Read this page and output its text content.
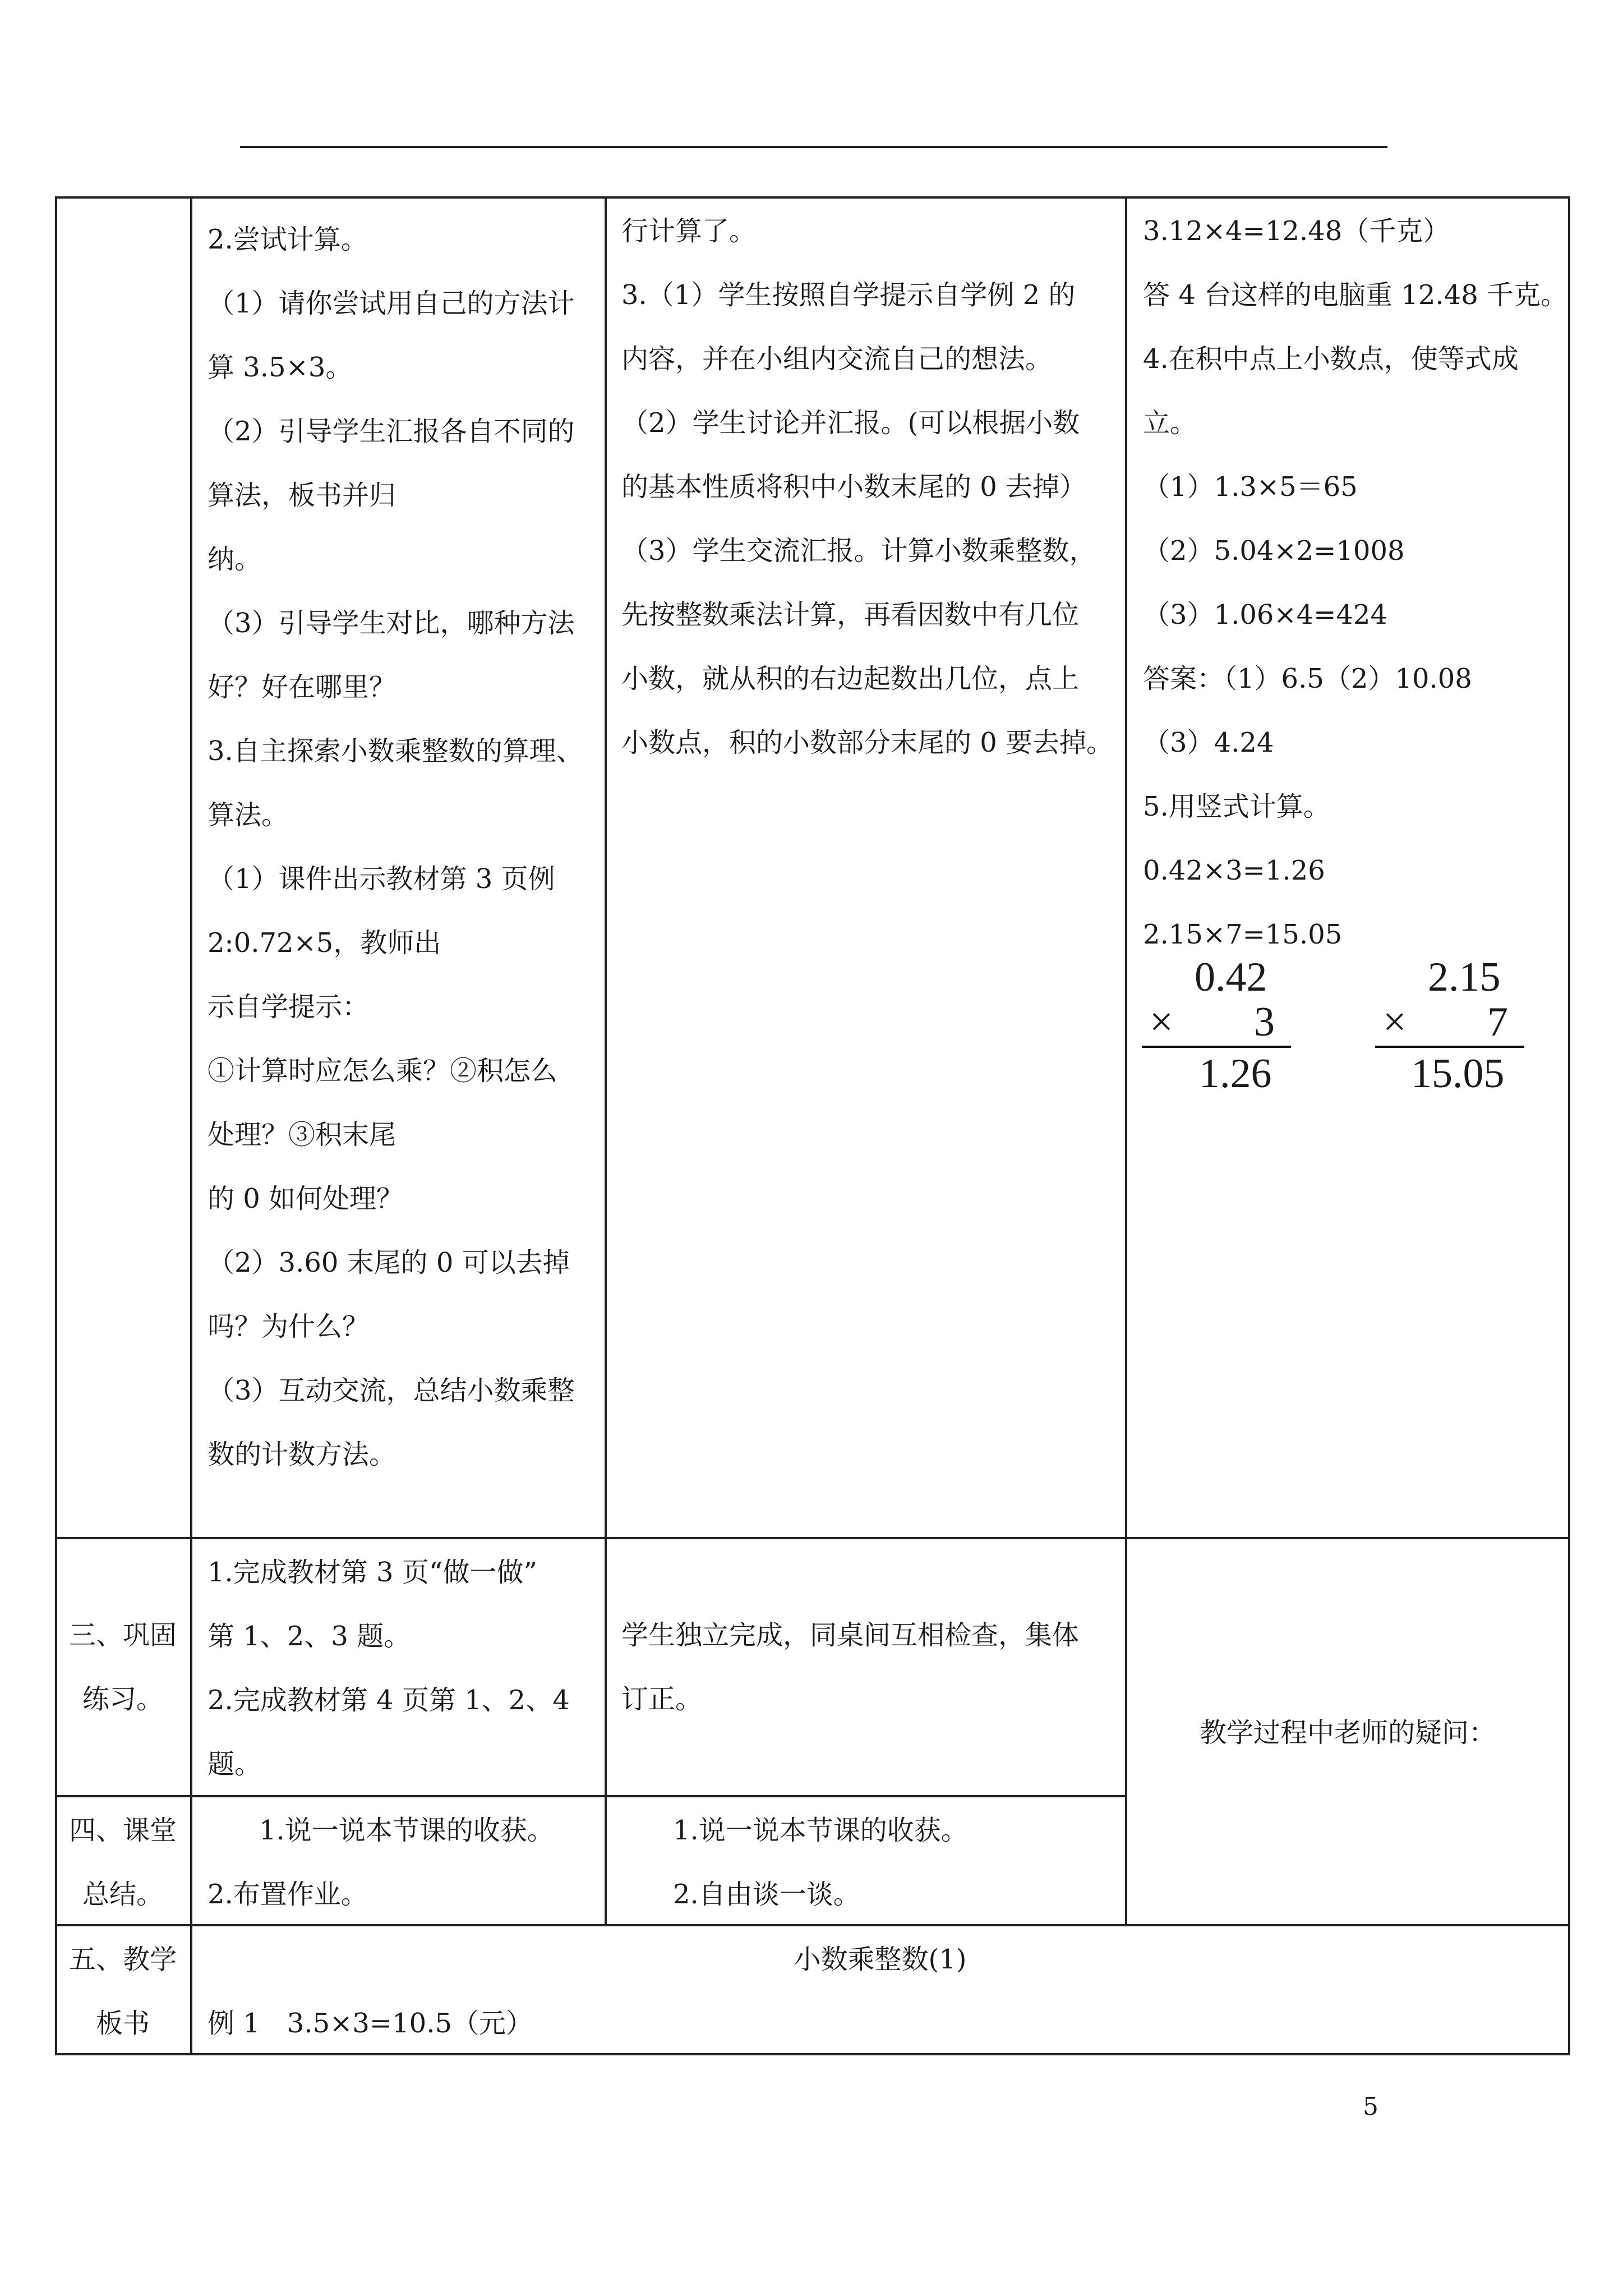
2.尝试计算。

（1）请你尝试用自己的方法计

算 3.5×3。

（2）引导学生汇报各自不同的

算法，板书并归

纳。

（3）引导学生对比，哪种方法

好？好在哪里？

3.自主探索小数乘整数的算理、

算法。

（1）课件出示教材第 3 页例

2:0.72×5，教师出

示自学提示：

①计算时应怎么乘？②积怎么

处理？③积末尾

的 0 如何处理？

（2）3.60 末尾的 0 可以去掉

吗？为什么？

（3）互动交流，总结小数乘整

数的计数方法。

行计算了。

3.（1）学生按照自学提示自学例 2 的

内容，并在小组内交流自己的想法。

（2）学生讨论并汇报。(可以根据小数

的基本性质将积中小数末尾的 0 去掉）

（3）学生交流汇报。计算小数乘整数，

先按整数乘法计算，再看因数中有几位

小数，就从积的右边起数出几位，点上

小数点，积的小数部分末尾的 0 要去掉。

3.12×4=12.48（千克）

答 4 台这样的电脑重 12.48 千克。

4.在积中点上小数点，使等式成

立。

（1）1.3×5＝65

（2）5.04×2=1008

（3）1.06×4=424

答案：（1）6.5（2）10.08

（3）4.24

5.用竖式计算。

0.42×3=1.26

2.15×7=15.05

0.42
× 3
1.26
2.15
× 7
15.05
三、巩固
练习。

1.完成教材第 3 页“做一做”

第 1、2、3 题。

2.完成教材第 4 页第 1、2、4

题。

学生独立完成，同桌间互相检查，集体

订正。

教学过程中老师的疑问：
四、课堂
总结。

1.说一说本节课的收获。

2.布置作业。

1.说一说本节课的收获。

2.自由谈一谈。

五、教学
板书
小数乘整数(1)
例 1　3.5×3=10.5（元）
5
